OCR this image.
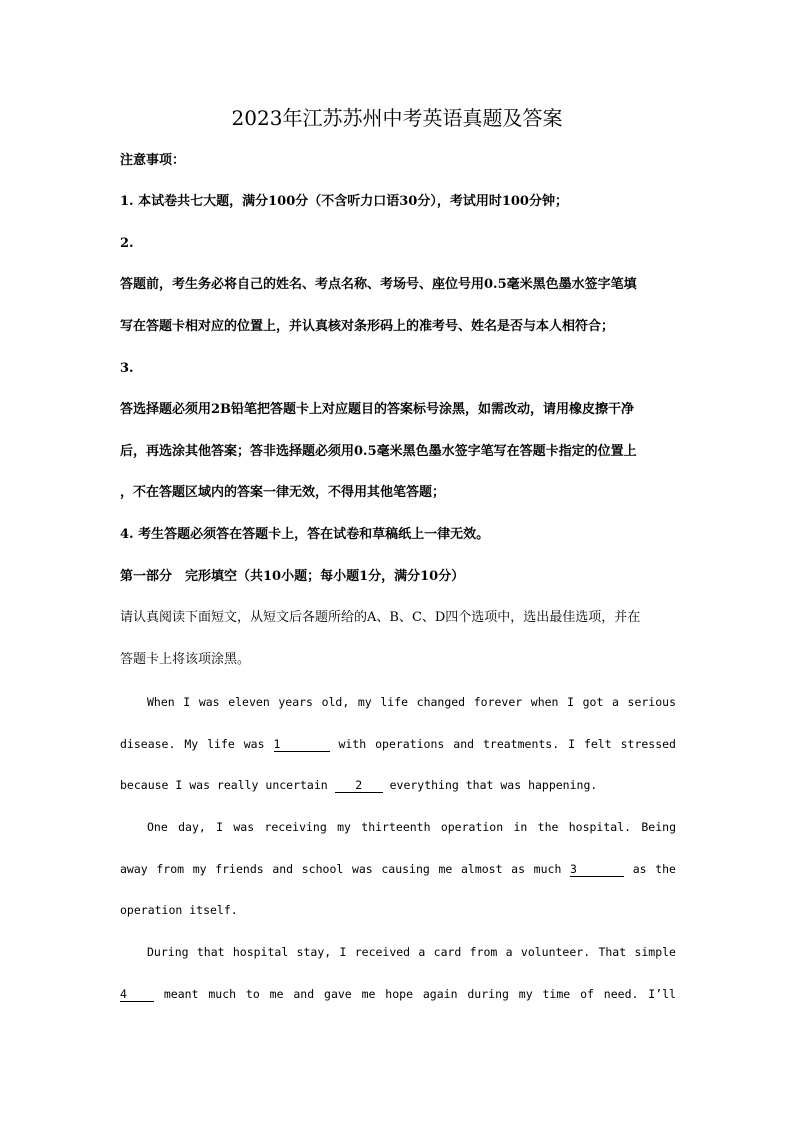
2023年江苏苏州中考英语真题及答案
注意事项：
1. 本试卷共七大题，满分100分（不含听力口语30分），考试用时100分钟；
2.
答题前，考生务必将自己的姓名、考点名称、考场号、座位号用0.5毫米黑色墨水签字笔填
写在答题卡相对应的位置上，并认真核对条形码上的准考号、姓名是否与本人相符合；
3.
答选择题必须用2B铅笔把答题卡上对应题目的答案标号涂黑，如需改动，请用橡皮擦干净
后，再选涂其他答案；答非选择题必须用0.5毫米黑色墨水签字笔写在答题卡指定的位置上
，不在答题区域内的答案一律无效，不得用其他笔答题；
4. 考生答题必须答在答题卡上，答在试卷和草稿纸上一律无效。
第一部分　完形填空（共10小题；每小题1分，满分10分）
请认真阅读下面短文，从短文后各题所给的A、B、C、D四个选项中，选出最佳选项，并在
答题卡上将该项涂黑。
When I was eleven years old, my life changed forever when I got a serious
disease. My life was 1	with operations and treatments. I felt stressed
because I was really uncertain 2 everything that was happening.
One day, I was receiving my thirteenth operation in the hospital. Being
away from my friends and school was causing me almost as much 3	as the
operation itself.
During that hospital stay, I received a card from a volunteer. That simple
4	meant much to me and gave me hope again during my time of need. I’ll
